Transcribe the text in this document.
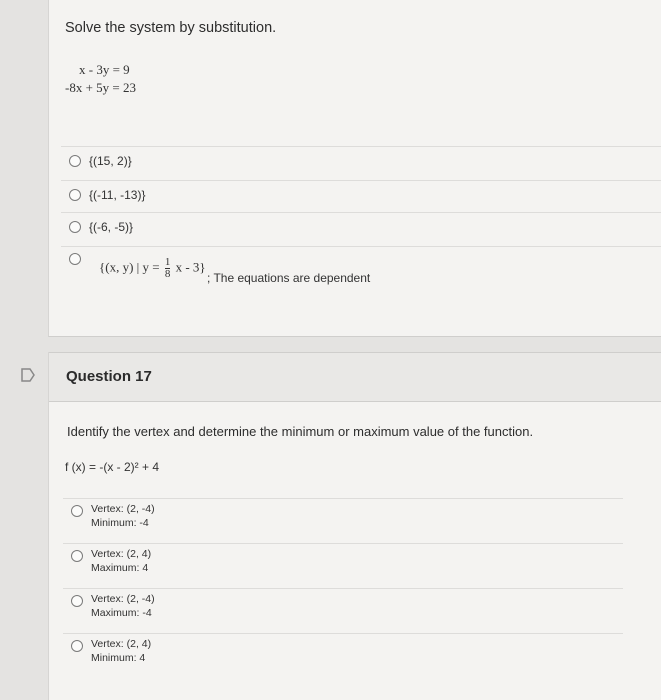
Solve the system by substitution.
x - 3y = 9
-8x + 5y = 23
{(15, 2)}
{(-11, -13)}
{(-6, -5)}
{(x, y) | $y = \frac{1}{8}$ x - 3}
; The equations are dependent
Question 17
Identify the vertex and determine the minimum or maximum value of the function.
f (x) = -(x - 2)² + 4
Vertex: (2, -4)
Minimum: -4
Vertex: (2, 4)
Maximum: 4
Vertex: (2, -4)
Maximum: -4
Vertex: (2, 4)
Minimum: 4
